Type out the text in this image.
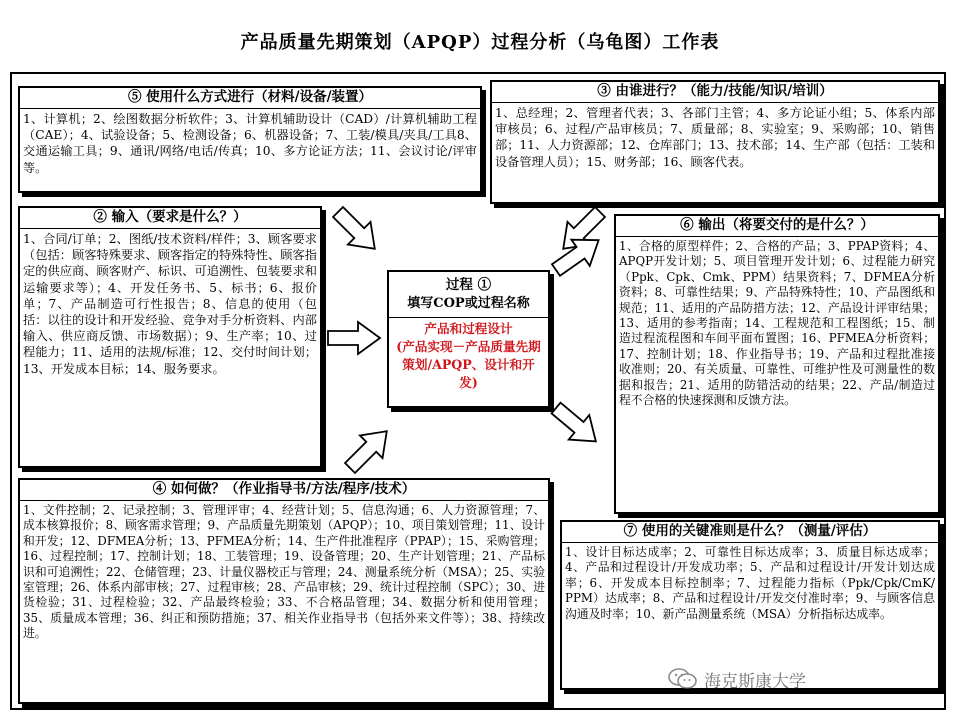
产品质量先期策划（APQP）过程分析（乌龟图）工作表
⑤ 使用什么方式进行（材料/设备/装置）
1、计算机；2、绘图数据分析软件；3、计算机辅助设计（CAD）/计算机辅助工程（CAE）；4、试验设备；5、检测设备；6、机器设备；7、工装/模具/夹具/工具8、交通运输工具；9、通讯/网络/电话/传真；10、多方论证方法；11、会议讨论/评审等。
③ 由谁进行？（能力/技能/知识/培训）
1、总经理；2、管理者代表；3、各部门主管；4、多方论证小组；5、体系内部审核员；6、过程/产品审核员；7、质量部；8、实验室；9、采购部；10、销售部；11、人力资源部；12、仓库部门；13、技术部；14、生产部（包括：工装和设备管理人员）；15、财务部；16、顾客代表。
② 输入（要求是什么？）
1、合同/订单；2、图纸/技术资料/样件；3、顾客要求（包括：顾客特殊要求、顾客指定的特殊特性、顾客指定的供应商、顾客财产、标识、可追溯性、包装要求和运输要求等）；4、开发任务书、5、标书；6、报价单；7、产品制造可行性报告；8、信息的使用（包括：以往的设计和开发经验、竞争对手分析资料、内部输入、供应商反馈、市场数据）；9、生产率；10、过程能力；11、适用的法规/标准；12、交付时间计划；13、开发成本目标；14、服务要求。
⑥ 输出（将要交付的是什么？）
1、合格的原型样件；2、合格的产品；3、PPAP资料；4、APQP开发计划；5、项目管理开发计划；6、过程能力研究（Ppk、Cpk、Cmk、PPM）结果资料；7、DFMEA分析资料；8、可靠性结果；9、产品特殊特性；10、产品图纸和规范；11、适用的产品防措方法；12、产品设计评审结果；13、适用的参考指南；14、工程规范和工程图纸；15、制造过程流程图和车间平面布置图；16、PFMEA分析资料；17、控制计划；18、作业指导书；19、产品和过程批准接收准则；20、有关质量、可靠性、可维护性及可测量性的数据和报告；21、适用的防错活动的结果；22、产品/制造过程不合格的快速探测和反馈方法。
④ 如何做？（作业指导书/方法/程序/技术）
1、文件控制；2、记录控制；3、管理评审；4、经营计划；5、信息沟通；6、人力资源管理；7、成本核算报价；8、顾客需求管理；9、产品质量先期策划（APQP）；10、项目策划管理；11、设计和开发；12、DFMEA分析；13、PFMEA分析；14、生产件批准程序（PPAP）；15、采购管理；16、过程控制；17、控制计划；18、工装管理；19、设备管理；20、生产计划管理；21、产品标识和可追溯性；22、仓储管理；23、计量仪器校正与管理；24、测量系统分析（MSA）；25、实验室管理；26、体系内部审核；27、过程审核；28、产品审核；29、统计过程控制（SPC）；30、进货检验；31、过程检验；32、产品最终检验；33、不合格品管理；34、数据分析和使用管理；35、质量成本管理；36、纠正和预防措施；37、相关作业指导书（包括外来文件等）；38、持续改进。
⑦ 使用的关键准则是什么？（测量/评估）
1、设计目标达成率；2、可靠性目标达成率；3、质量目标达成率；4、产品和过程设计/开发成功率；5、产品和过程设计/开发计划达成率；6、开发成本目标控制率；7、过程能力指标（Ppk/Cpk/CmK/ PPM）达成率；8、产品和过程设计/开发交付准时率；9、与顾客信息沟通及时率；10、新产品测量系统（MSA）分析指标达成率。
过程 ①
填写COP或过程名称
产品和过程设计
(产品实现－产品质量先期策划/APQP、设计和开发)
海克斯康大学
